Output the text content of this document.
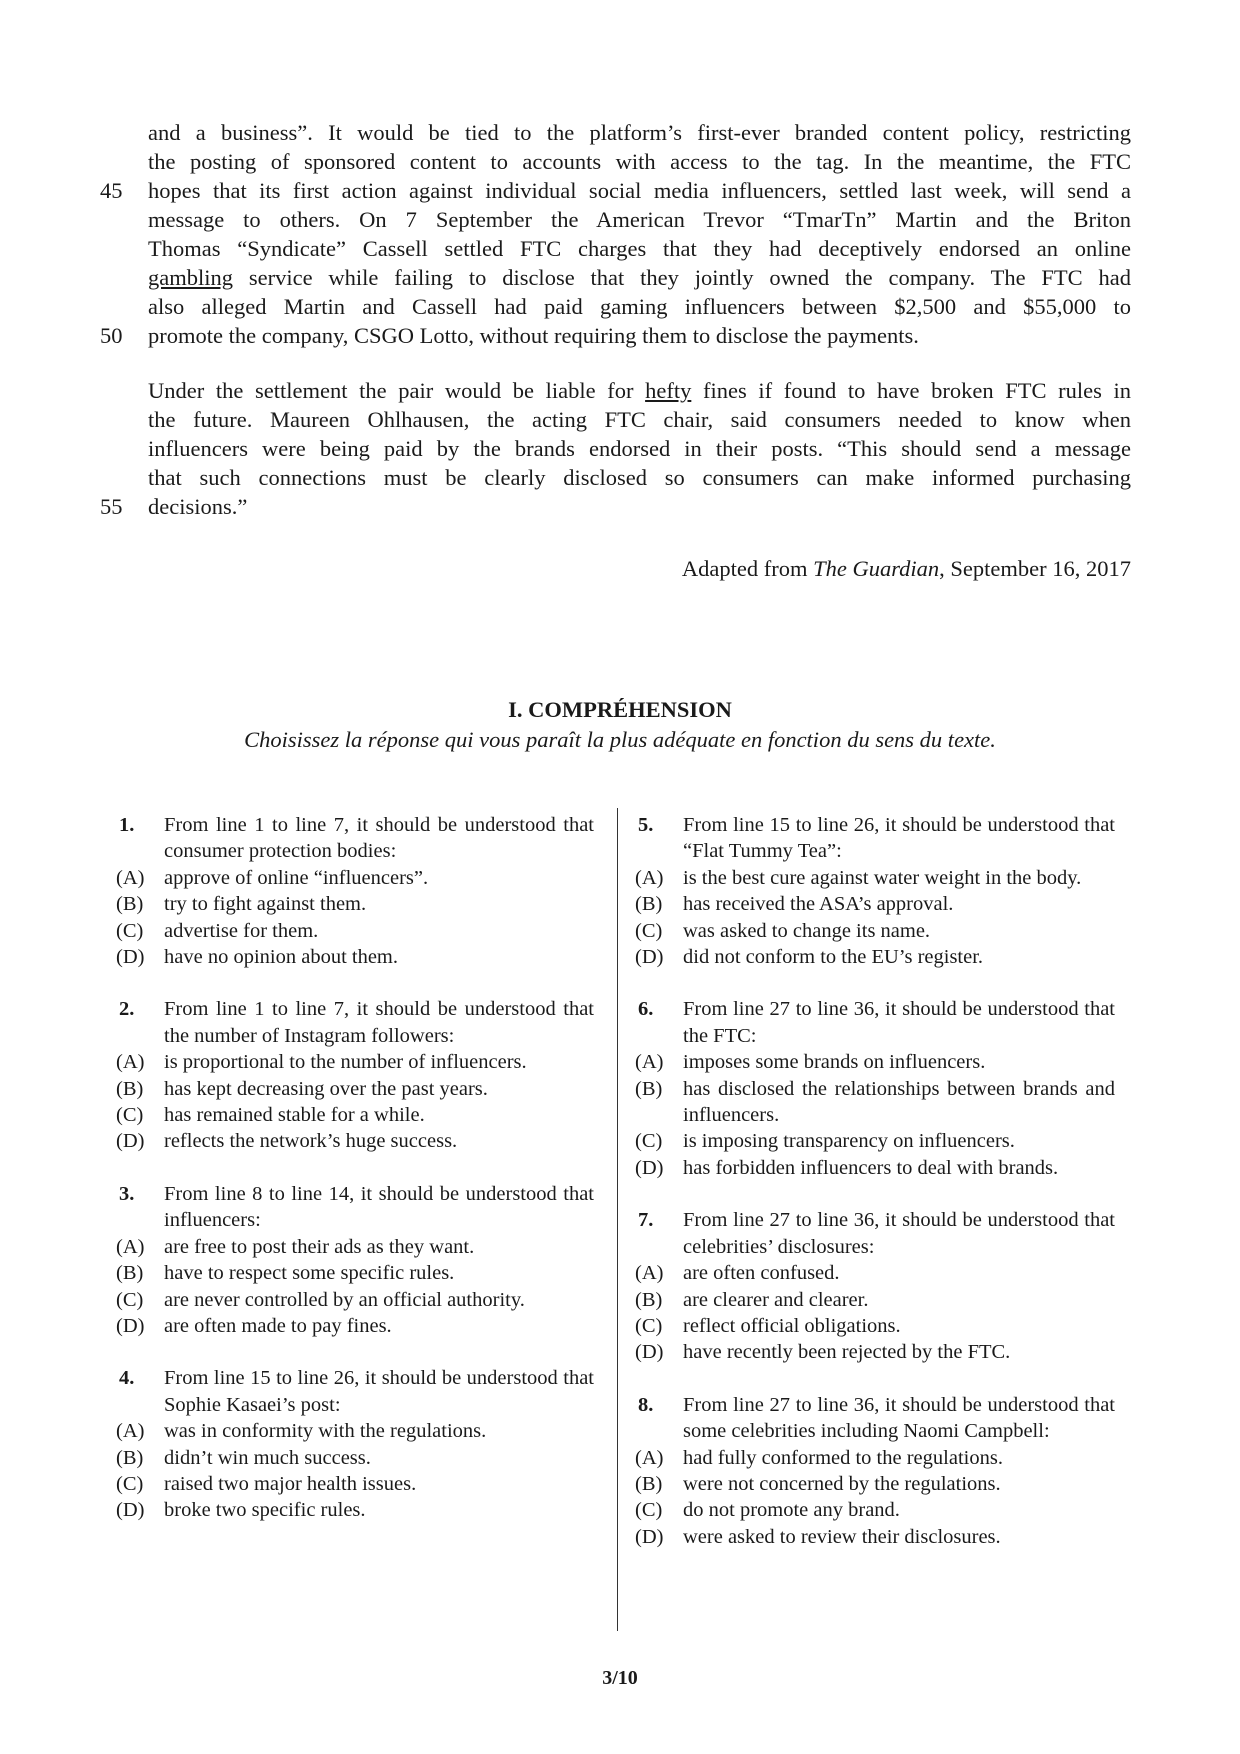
and a business”. It would be tied to the platform’s first-ever branded content policy, restricting
the posting of sponsored content to accounts with access to the tag. In the meantime, the FTC
hopes that its first action against individual social media influencers, settled last week, will send a
message to others. On 7 September the American Trevor “TmarTn” Martin and the Briton
Thomas “Syndicate” Cassell settled FTC charges that they had deceptively endorsed an online
gambling service while failing to disclose that they jointly owned the company. The FTC had
also alleged Martin and Cassell had paid gaming influencers between $2,500 and $55,000 to
promote the company, CSGO Lotto, without requiring them to disclose the payments.
Under the settlement the pair would be liable for hefty fines if found to have broken FTC rules in
the future. Maureen Ohlhausen, the acting FTC chair, said consumers needed to know when
influencers were being paid by the brands endorsed in their posts. “This should send a message
that such connections must be clearly disclosed so consumers can make informed purchasing
decisions.”
45
50
55
Adapted from The Guardian, September 16, 2017
I. COMPRÉHENSION
Choisissez la réponse qui vous paraît la plus adéquate en fonction du sens du texte.
1.	From line 1 to line 7, it should be understood that consumer protection bodies:
(A) approve of online “influencers”.
(B)	try to fight against them.
(C)	advertise for them.
(D) have no opinion about them.
2.	From line 1 to line 7, it should be understood that the number of Instagram followers:
(A) is proportional to the number of influencers.
(B)	has kept decreasing over the past years.
(C)	has remained stable for a while.
(D) reflects the network’s huge success.
3.	From line 8 to line 14, it should be understood that influencers:
(A) are free to post their ads as they want.
(B)	have to respect some specific rules.
(C)	are never controlled by an official authority.
(D) are often made to pay fines.
4.	From line 15 to line 26, it should be understood that Sophie Kasaei’s post:
(A) was in conformity with the regulations.
(B)	didn’t win much success.
(C)	raised two major health issues.
(D) broke two specific rules.
5.	From line 15 to line 26, it should be understood that “Flat Tummy Tea”:
(A) is the best cure against water weight in the body.
(B)	has received the ASA’s approval.
(C)	was asked to change its name.
(D) did not conform to the EU’s register.
6.	From line 27 to line 36, it should be understood that the FTC:
(A) imposes some brands on influencers.
(B)	has disclosed the relationships between brands and influencers.
(C)	is imposing transparency on influencers.
(D) has forbidden influencers to deal with brands.
7.	From line 27 to line 36, it should be understood that celebrities’ disclosures:
(A) are often confused.
(B)	are clearer and clearer.
(C)	reflect official obligations.
(D) have recently been rejected by the FTC.
8.	From line 27 to line 36, it should be understood that some celebrities including Naomi Campbell:
(A) had fully conformed to the regulations.
(B)	were not concerned by the regulations.
(C)	do not promote any brand.
(D) were asked to review their disclosures.
3/10
